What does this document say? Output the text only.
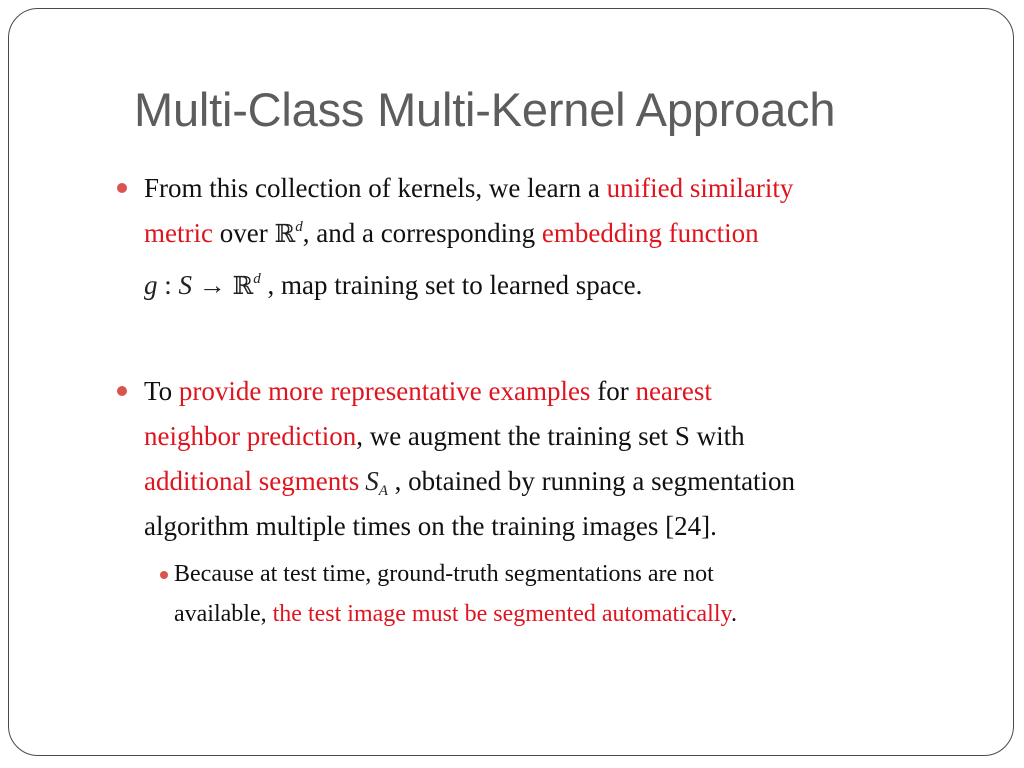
Multi-Class Multi-Kernel Approach
From this collection of kernels, we learn a unified similarity
metric over ℝ$^d$, and a corresponding embedding function
g : S → ℝ$^d$ , map training set to learned space.
To provide more representative examples for nearest
neighbor prediction, we augment the training set S with
additional segments $S_A$ , obtained by running a segmentation
algorithm multiple times on the training images [24].
Because at test time, ground-truth segmentations are not
available, the test image must be segmented automatically.
